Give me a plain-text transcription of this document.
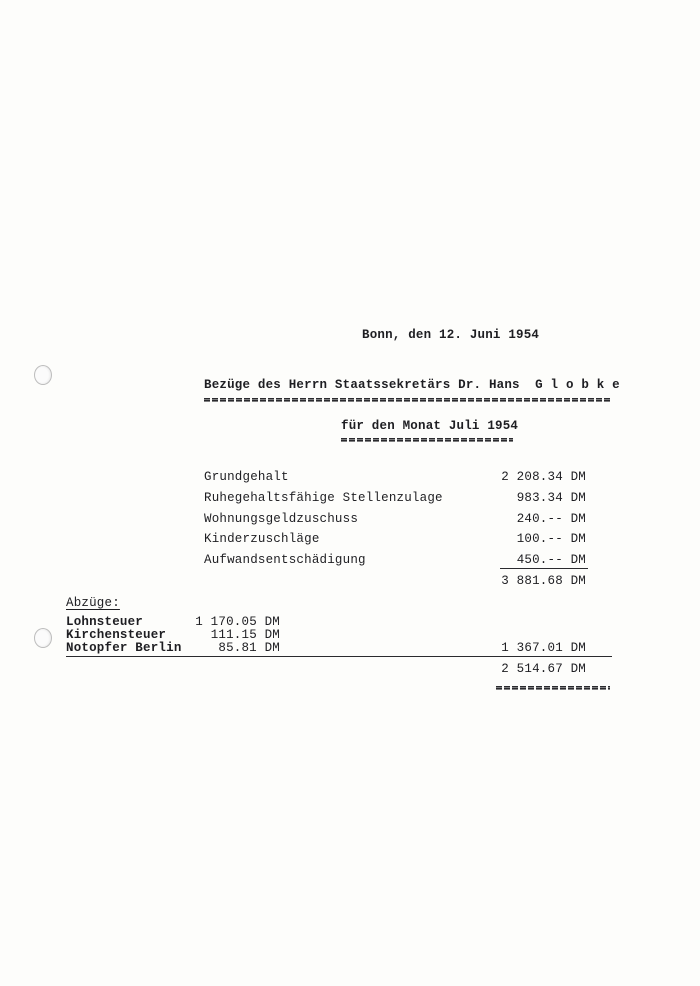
Bonn, den 12. Juni 1954
Bezüge des Herrn Staatssekretärs Dr. Hans  G l o b k e
für den Monat Juli 1954
Grundgehalt	2 208.34 DM
Ruhegehaltsfähige Stellenzulage	983.34 DM
Wohnungsgeldzuschuss	240.-- DM
Kinderzuschläge	100.-- DM
Aufwandsentschädigung	450.-- DM
3 881.68 DM
Abzüge:
Lohnsteuer	1 170.05 DM
Kirchensteuer	111.15 DM
Notopfer Berlin	85.81 DM	1 367.01 DM
2 514.67 DM
